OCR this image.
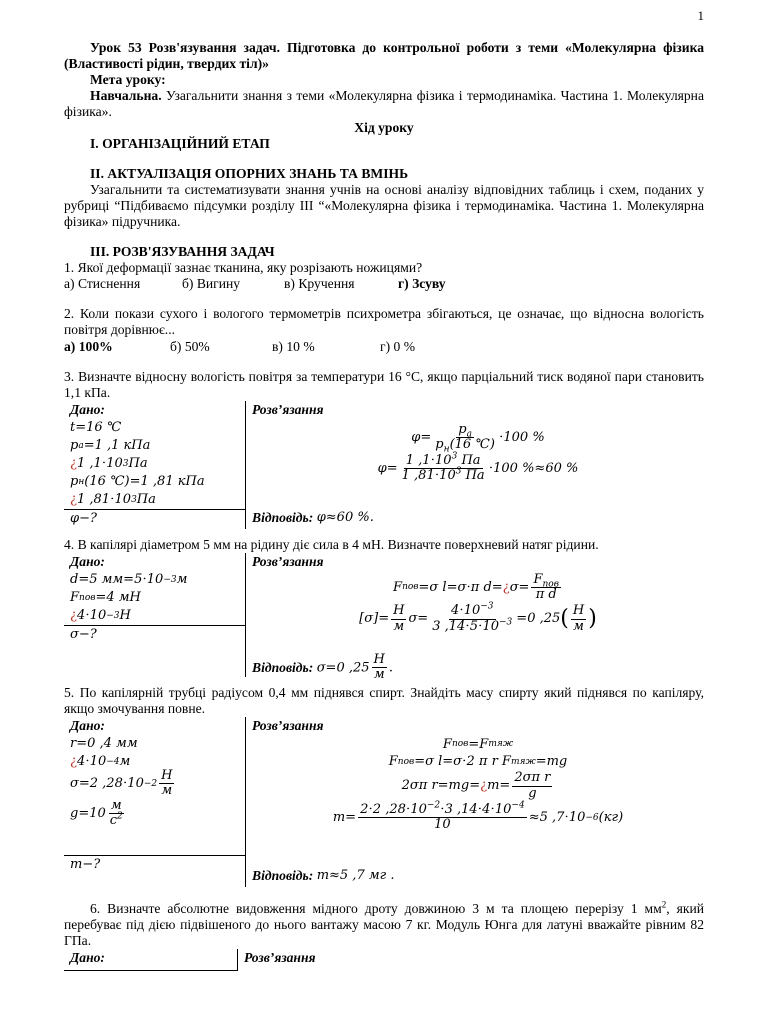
1

Урок 53 Розв'язування задач. Підготовка до контрольної роботи з теми «Молекулярна фізика (Властивості рідин, твердих тіл)»

Мета уроку:

Навчальна. Узагальнити знання з теми «Молекулярна фізика і термодинаміка. Частина 1. Молекулярна фізика».

Хід уроку

I. ОРГАНІЗАЦІЙНИЙ ЕТАП

II. АКТУАЛІЗАЦІЯ ОПОРНИХ ЗНАНЬ ТА ВМІНЬ

Узагальнити та систематизувати знання учнів на основі аналізу відповідних таблиць і схем, поданих у рубриці “Підбиваємо підсумки розділу ІІІ “«Молекулярна фізика і термодинаміка. Частина 1. Молекулярна фізика» підручника.

III. РОЗВ'ЯЗУВАННЯ ЗАДАЧ

1. Якої деформації зазнає тканина, яку розрізають ножицями?

а) Стиснення	б) Вигину	в) Кручення	г) Зсуву

2. Коли покази сухого і вологого термометрів психрометра збігаються, це означає, що відносна вологість повітря дорівнює...

а) 100%	б) 50%	в) 10 %	г) 0 %

3. Визначте відносну вологість повітря за температури 16 °С, якщо парціальний тиск водяної пари становить 1,1 кПа.

Дано:
t=16 ℃
p a =1 ,1 кПа
¿ 1 ,1⋅10 3 Па
p н (16 ℃)=1 ,81 кПа
¿ 1 ,81⋅10 3 Па
φ−?
Розв’язання
$\varphi= \frac{p_a}{p_н(16 ℃)} \cdot 100$ %
$\varphi= \frac{1 ,1\cdot 10^3 Па}{1 ,81\cdot 10^3 Па} \cdot 100$ %≈60 %
Відповідь:
φ≈60 %.

4. В капілярі діаметром 5 мм на рідину діє сила в 4 мН. Визначте поверхневий натяг рідини.

Дано:
d=5 мм=5⋅10 −3 м
F пов =4 мН
¿ 4⋅10 −3 Н
σ−?
Розв’язання
F пов =σ l=σ⋅π d= ¿ $\sigma= \frac{F_{пов}}{\text{π d}}$
$[\sigma]= \frac{Н}{м} \sigma= \frac{4\cdot 10^{-3}}{3 ,14\cdot 5\cdot 10^{-3}} =0$ ,25 ( $\frac{Н}{м}$ )
Відповідь:
σ=0 $,25 \frac{Н}{м}$ .

5. По капілярній трубці радіусом 0,4 мм піднявся спирт. Знайдіть масу спирту який піднявся по капіляру, якщо змочування повне.

Дано:
r=0 ,4 мм
¿ 4⋅10 −4 м
σ=2 $,28\cdot 10 -2 \frac{Н}{м}$
$g=10 \frac{м}{с^2}$
m−?
Розв’язання
F пов =F тяж
F пов =σ l=σ⋅2 π r F тяж =mg
2σπ r=mg= ¿ $m= \frac{\text{2σπ r}}{g}$
$m= \frac{2\cdot 2 ,28\cdot 10^{-2}\cdot 3 ,14\cdot 4\cdot 10^{-4}}{10} \approx 5$ ,7⋅10 −6 (кг)
Відповідь:
m≈5 ,7 мг .

6. Визначте абсолютне видовження мідного дроту довжиною 3 м та площею перерізу 1 $мм^2$, який перебуває під дією підвішеного до нього вантажу масою 7 кг. Модуль Юнга для латуні вважайте рівним 82 ГПа.

Дано:	Розв’язання
